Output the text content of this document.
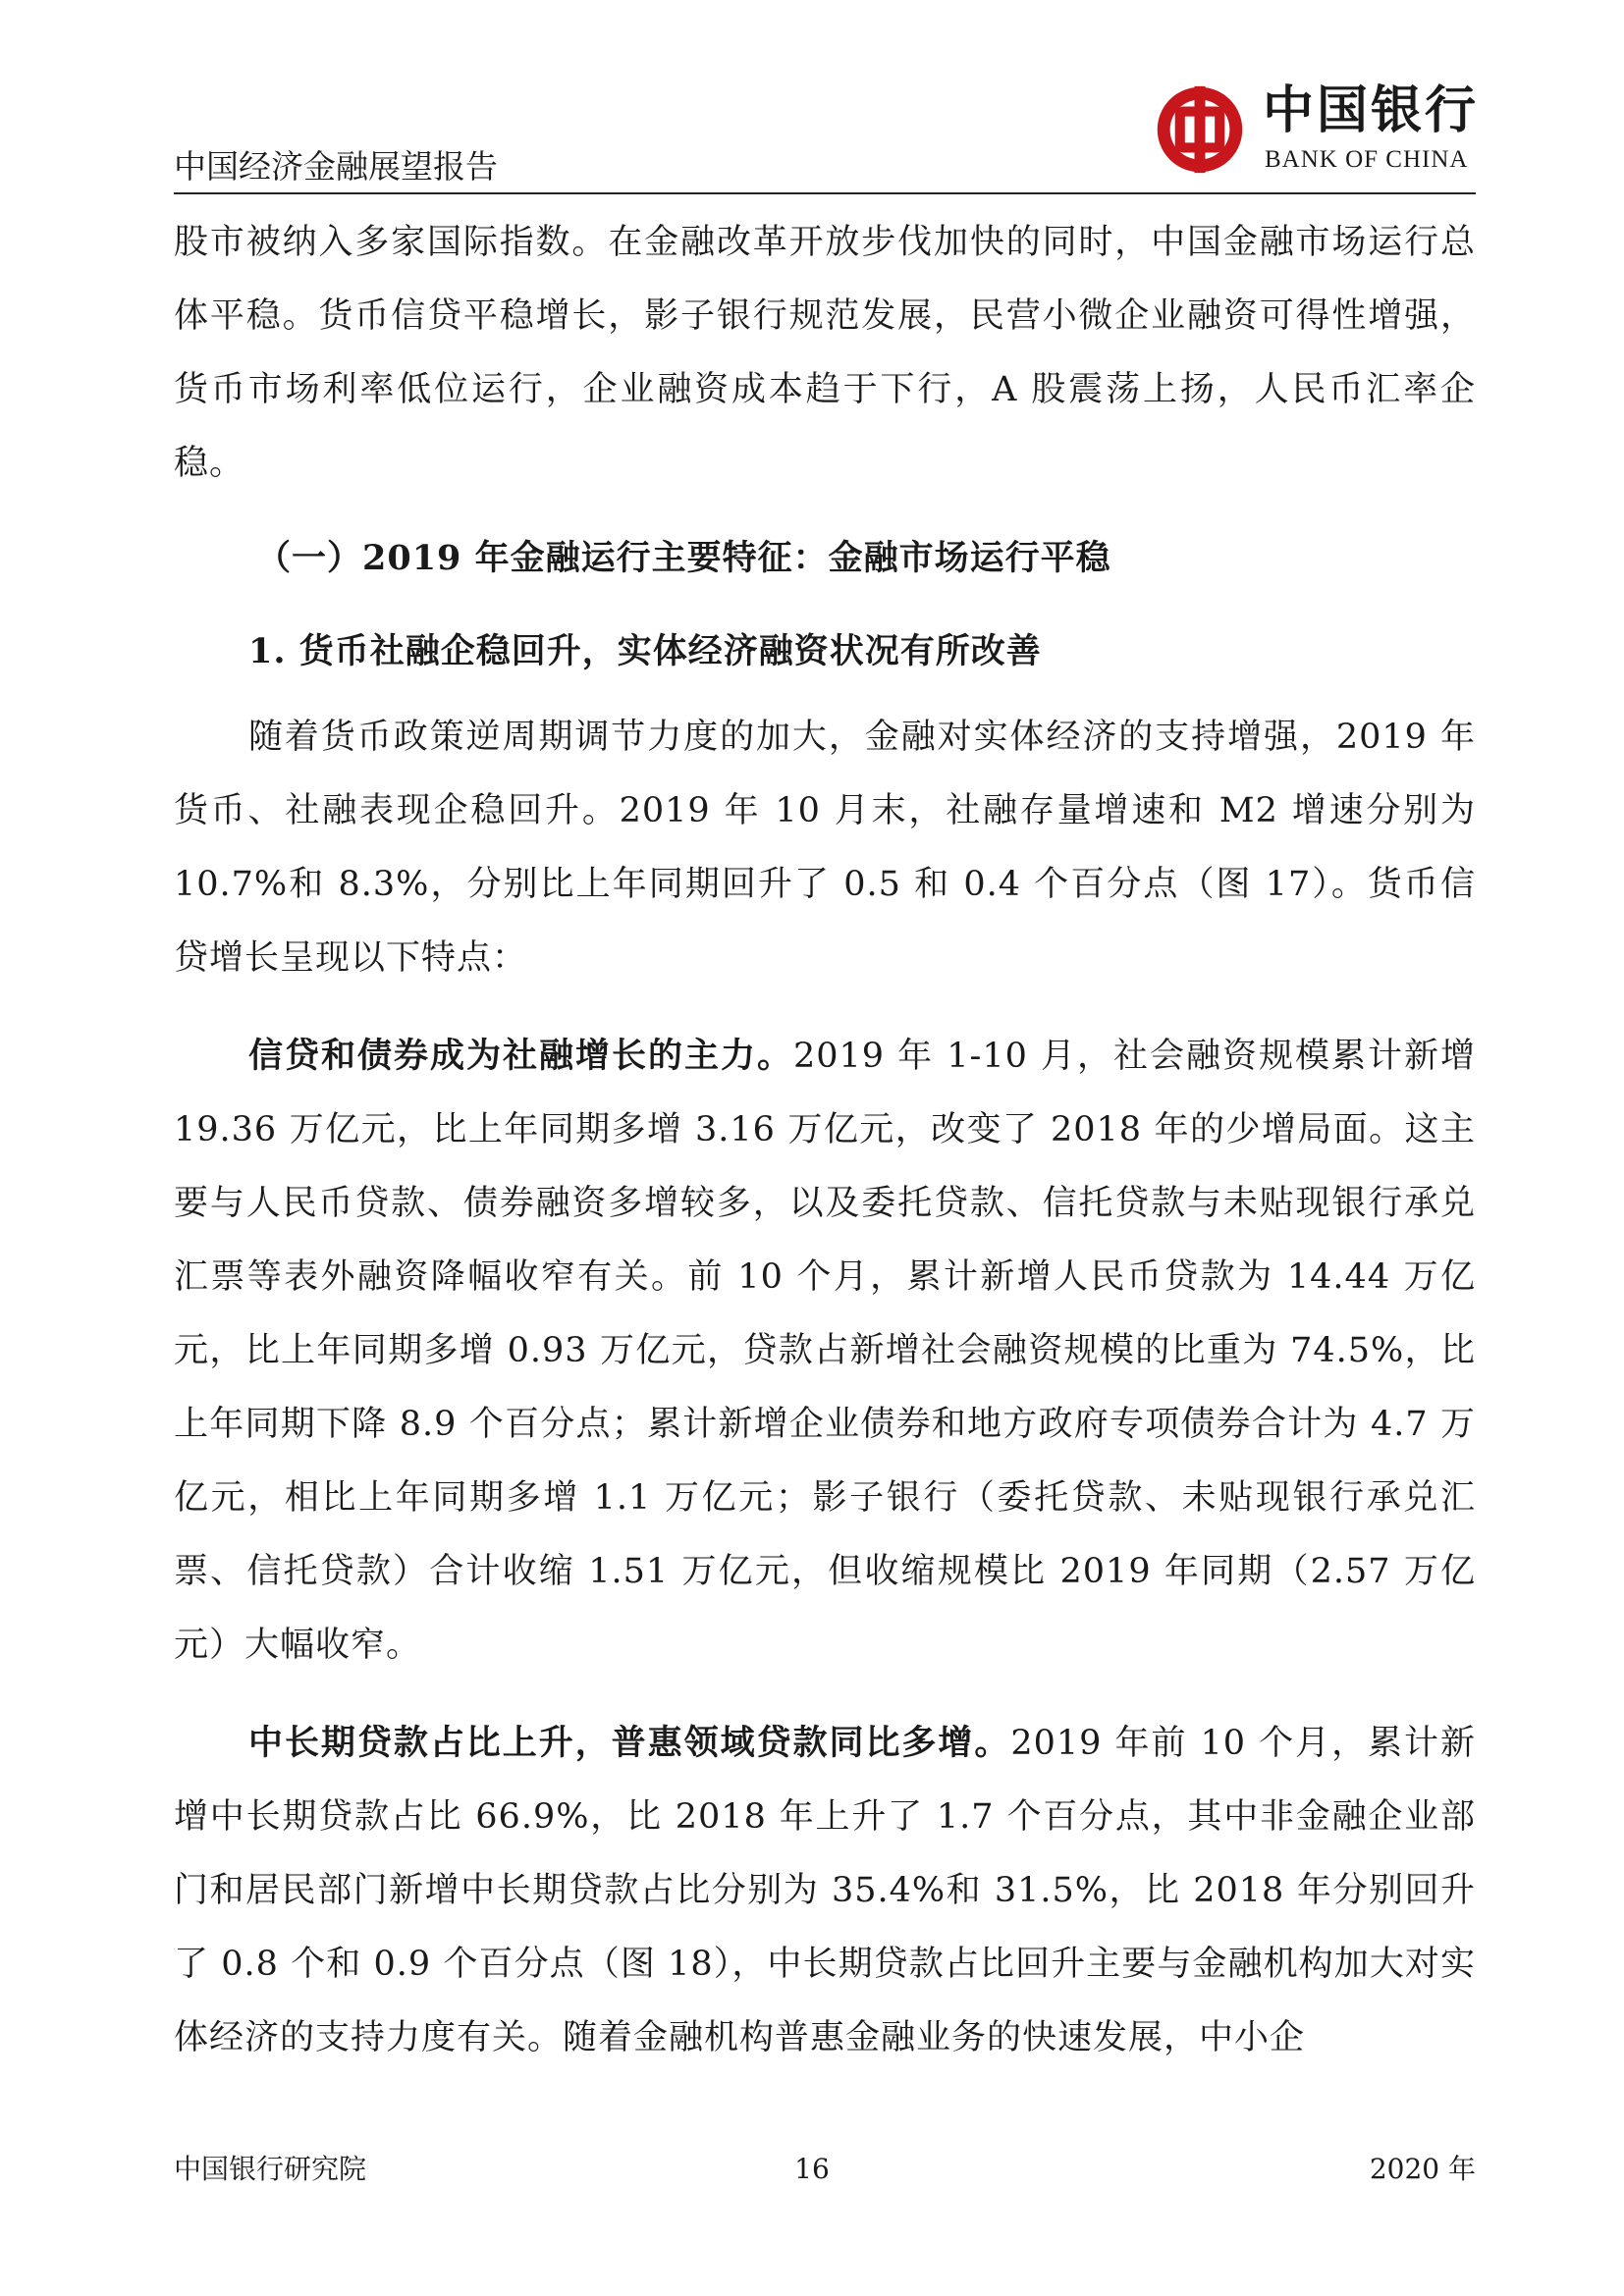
中国经济金融展望报告
中国银行
BANK OF CHINA

股市被纳入多家国际指数。在金融改革开放步伐加快的同时，中国金融市场运行总体平稳。货币信贷平稳增长，影子银行规范发展，民营小微企业融资可得性增强，货币市场利率低位运行，企业融资成本趋于下行，A 股震荡上扬，人民币汇率企稳。

（一）2019 年金融运行主要特征：金融市场运行平稳
1. 货币社融企稳回升，实体经济融资状况有所改善

随着货币政策逆周期调节力度的加大，金融对实体经济的支持增强，2019 年货币、社融表现企稳回升。2019 年 10 月末，社融存量增速和 M2 增速分别为 10.7%和 8.3%，分别比上年同期回升了 0.5 和 0.4 个百分点（图 17）。货币信贷增长呈现以下特点：

信贷和债券成为社融增长的主力。2019 年 1-10 月，社会融资规模累计新增 19.36 万亿元，比上年同期多增 3.16 万亿元，改变了 2018 年的少增局面。这主要与人民币贷款、债券融资多增较多，以及委托贷款、信托贷款与未贴现银行承兑汇票等表外融资降幅收窄有关。前 10 个月，累计新增人民币贷款为 14.44 万亿元，比上年同期多增 0.93 万亿元，贷款占新增社会融资规模的比重为 74.5%，比上年同期下降 8.9 个百分点；累计新增企业债券和地方政府专项债券合计为 4.7 万亿元，相比上年同期多增 1.1 万亿元；影子银行（委托贷款、未贴现银行承兑汇票、信托贷款）合计收缩 1.51 万亿元，但收缩规模比 2019 年同期（2.57 万亿元）大幅收窄。

中长期贷款占比上升，普惠领域贷款同比多增。2019 年前 10 个月，累计新增中长期贷款占比 66.9%，比 2018 年上升了 1.7 个百分点，其中非金融企业部门和居民部门新增中长期贷款占比分别为 35.4%和 31.5%，比 2018 年分别回升了 0.8 个和 0.9 个百分点（图 18），中长期贷款占比回升主要与金融机构加大对实体经济的支持力度有关。随着金融机构普惠金融业务的快速发展，中小企

中国银行研究院	16	2020 年
